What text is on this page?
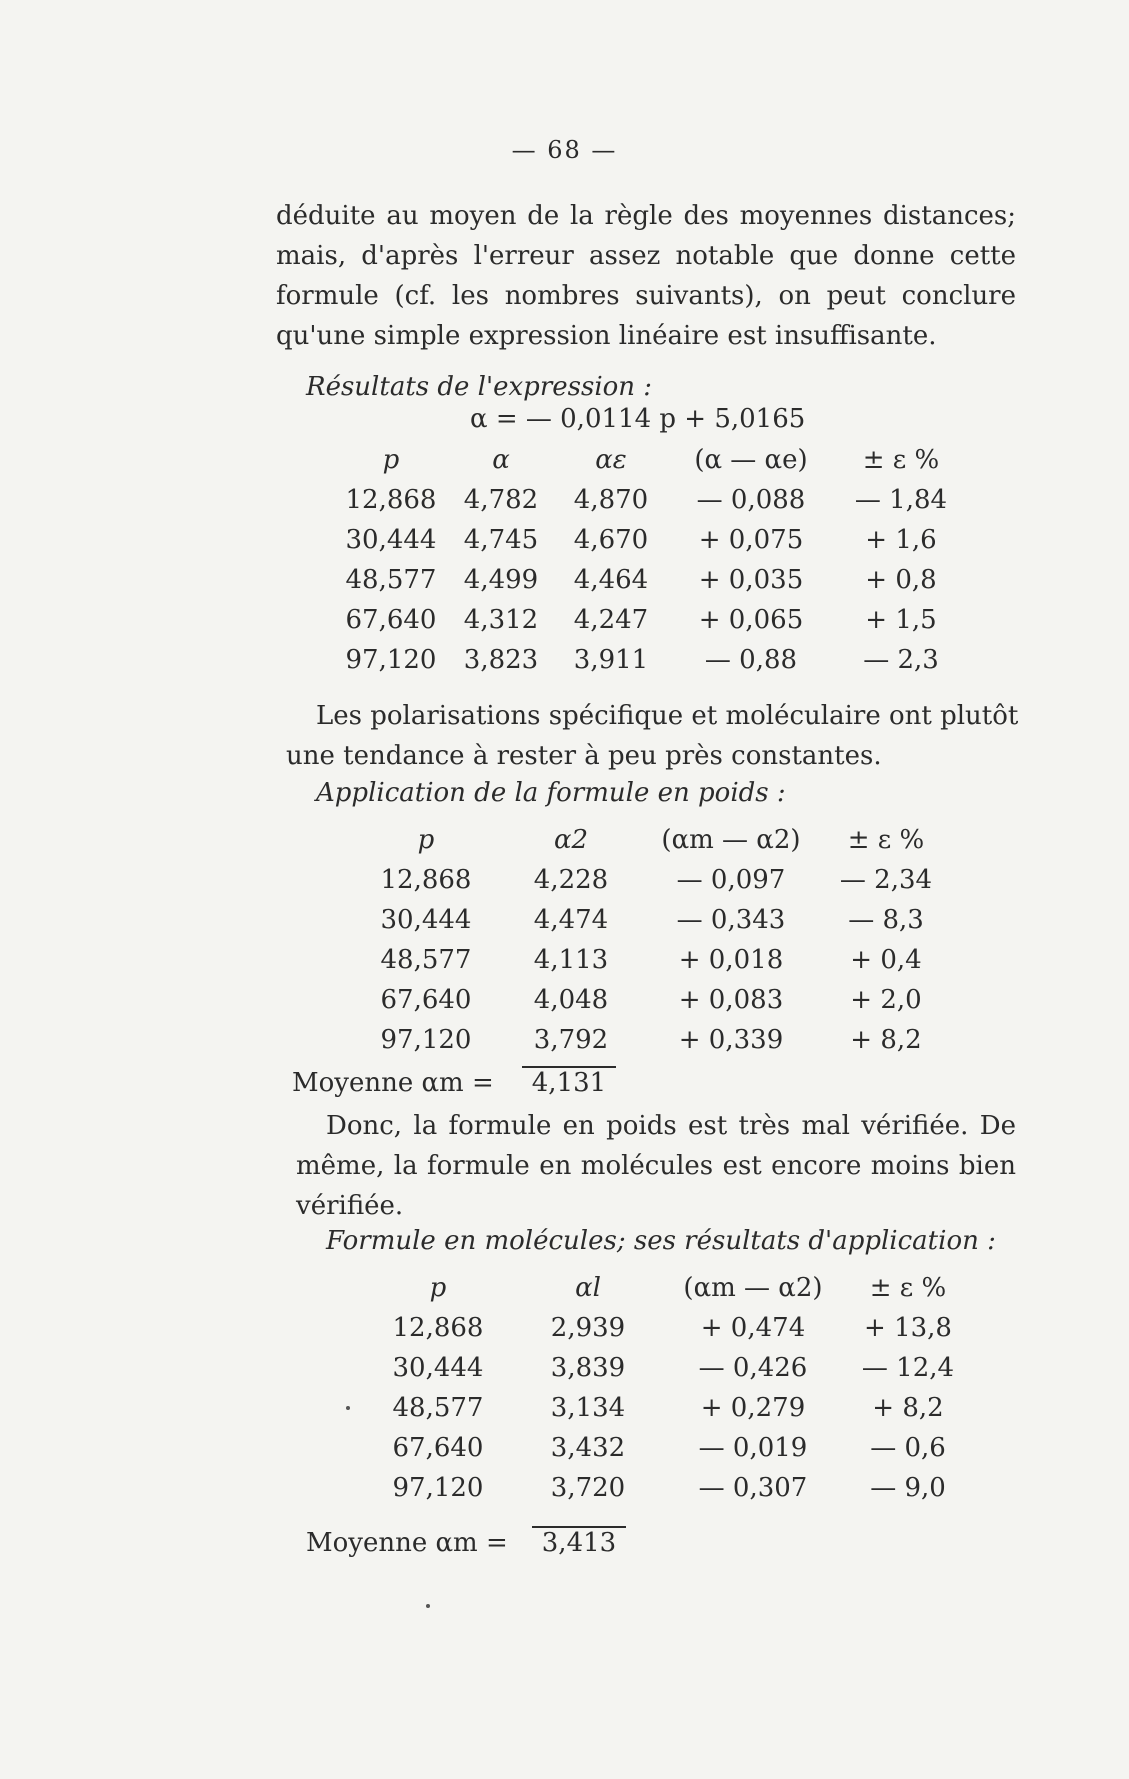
— 68 —
déduite au moyen de la règle des moyennes distances;
mais, d'après l'erreur assez notable que donne cette
formule (cf. les nombres suivants), on peut conclure
qu'une simple expression linéaire est insuffisante.
Résultats de l'expression :
α = — 0,0114 p + 5,0165
p	α	αε	(α — αe)	± ε %
12,868	4,782	4,870	— 0,088	— 1,84
30,444	4,745	4,670	+ 0,075	+ 1,6
48,577	4,499	4,464	+ 0,035	+ 0,8
67,640	4,312	4,247	+ 0,065	+ 1,5
97,120	3,823	3,911	— 0,88	— 2,3
Les polarisations spécifique et moléculaire ont plutôt
une tendance à rester à peu près constantes.
Application de la formule en poids :
p	α2	(αm — α2)	± ε %
12,868	4,228	— 0,097	— 2,34
30,444	4,474	— 0,343	— 8,3
48,577	4,113	+ 0,018	+ 0,4
67,640	4,048	+ 0,083	+ 2,0
97,120	3,792	+ 0,339	+ 8,2
Moyenne αm = 4,131
Donc, la formule en poids est très mal vérifiée. De
même, la formule en molécules est encore moins bien
vérifiée.
Formule en molécules; ses résultats d'application :
p	αl	(αm — α2)	± ε %
12,868	2,939	+ 0,474	+ 13,8
30,444	3,839	— 0,426	— 12,4
48,577	3,134	+ 0,279	+ 8,2
67,640	3,432	— 0,019	— 0,6
97,120	3,720	— 0,307	— 9,0
Moyenne αm = 3,413
